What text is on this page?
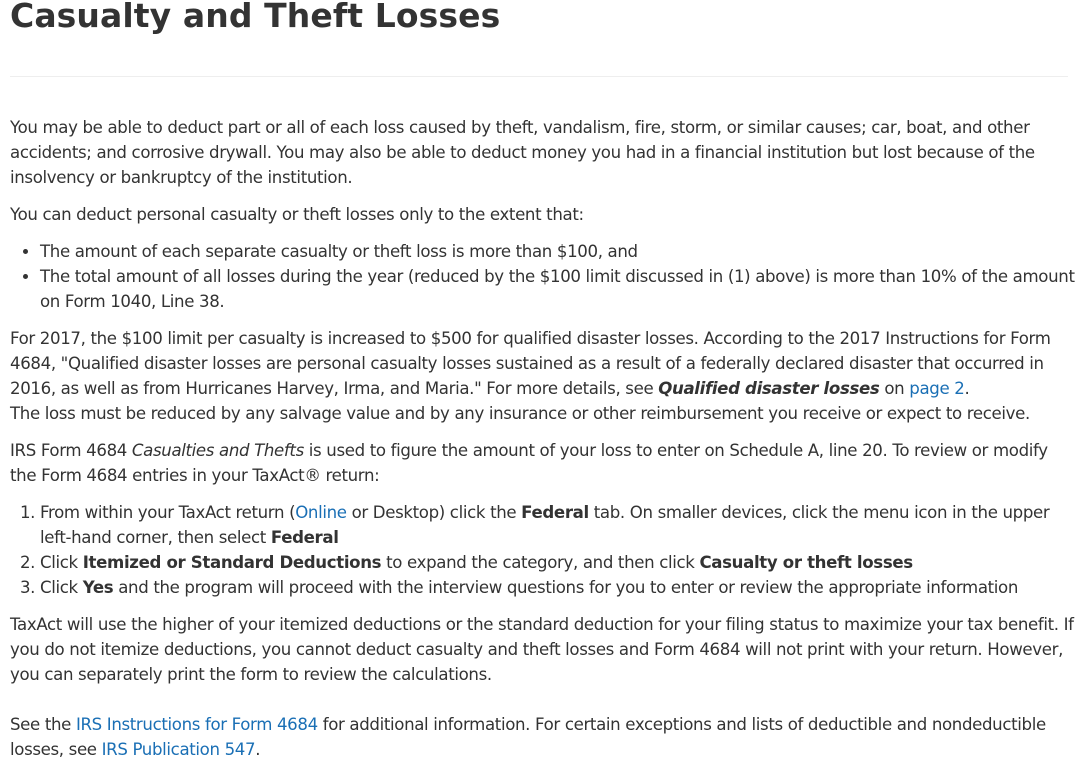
Casualty and Theft Losses

You may be able to deduct part or all of each loss caused by theft, vandalism, fire, storm, or similar causes; car, boat, and other accidents; and corrosive drywall. You may also be able to deduct money you had in a financial institution but lost because of the insolvency or bankruptcy of the institution.

You can deduct personal casualty or theft losses only to the extent that:

• The amount of each separate casualty or theft loss is more than $100, and
• The total amount of all losses during the year (reduced by the $100 limit discussed in (1) above) is more than 10% of the amount on Form 1040, Line 38.

For 2017, the $100 limit per casualty is increased to $500 for qualified disaster losses. According to the 2017 Instructions for Form 4684, "Qualified disaster losses are personal casualty losses sustained as a result of a federally declared disaster that occurred in 2016, as well as from Hurricanes Harvey, Irma, and Maria." For more details, see Qualified disaster losses on page 2.
The loss must be reduced by any salvage value and by any insurance or other reimbursement you receive or expect to receive.

IRS Form 4684 Casualties and Thefts is used to figure the amount of your loss to enter on Schedule A, line 20. To review or modify the Form 4684 entries in your TaxAct® return:

1. From within your TaxAct return (Online or Desktop) click the Federal tab. On smaller devices, click the menu icon in the upper left-hand corner, then select Federal
2. Click Itemized or Standard Deductions to expand the category, and then click Casualty or theft losses
3. Click Yes and the program will proceed with the interview questions for you to enter or review the appropriate information

TaxAct will use the higher of your itemized deductions or the standard deduction for your filing status to maximize your tax benefit. If you do not itemize deductions, you cannot deduct casualty and theft losses and Form 4684 will not print with your return. However, you can separately print the form to review the calculations.

See the IRS Instructions for Form 4684 for additional information. For certain exceptions and lists of deductible and nondeductible losses, see IRS Publication 547.
